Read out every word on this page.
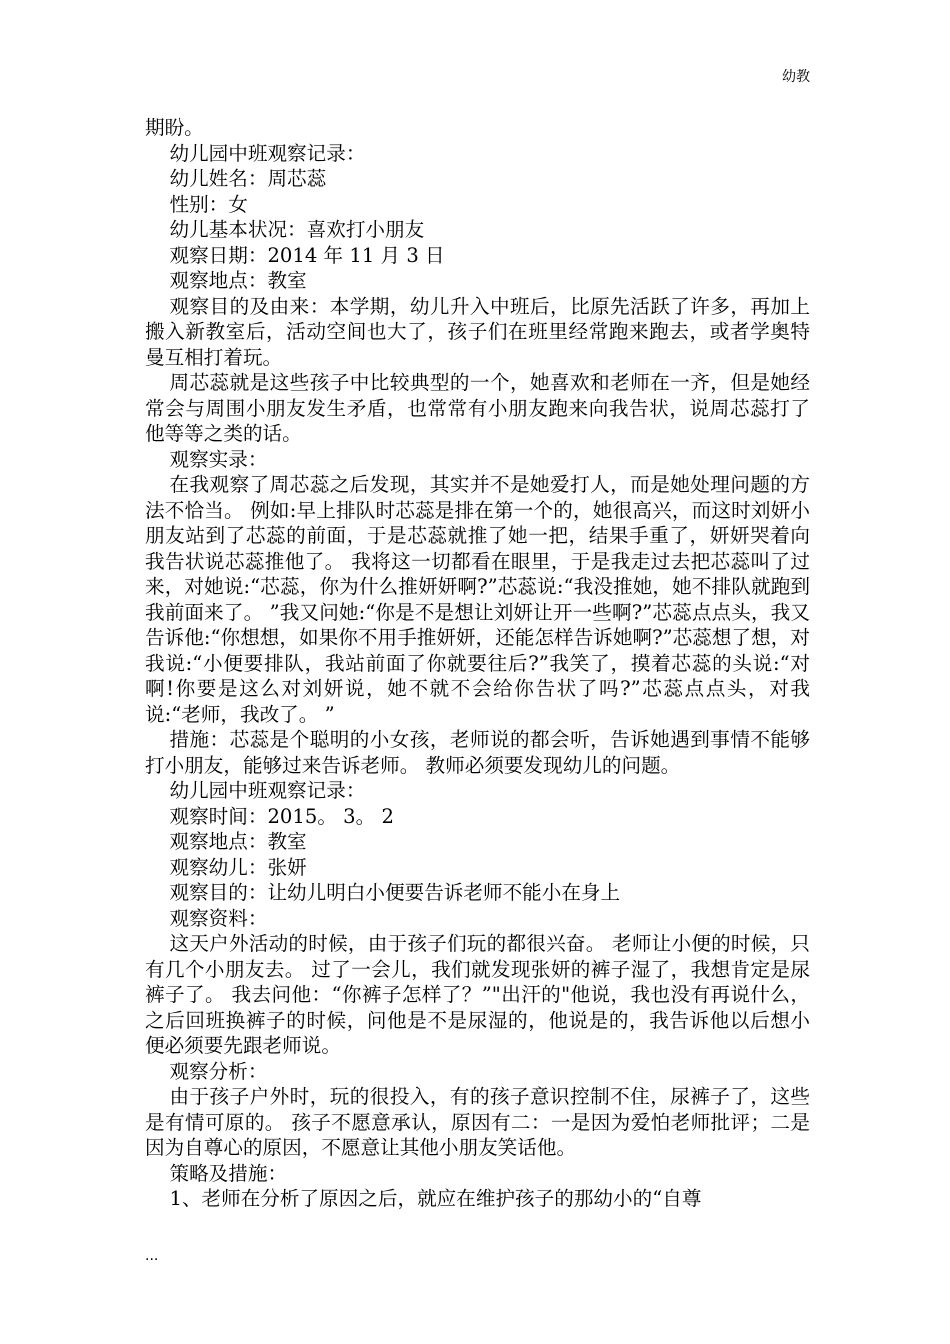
幼教

期盼。

幼儿园中班观察记录：

幼儿姓名：周芯蕊

性别：女

幼儿基本状况：喜欢打小朋友

观察日期：2014 年 11 月 3 日

观察地点：教室

观察目的及由来：本学期，幼儿升入中班后，比原先活跃了许多，再加上搬入新教室后，活动空间也大了，孩子们在班里经常跑来跑去，或者学奥特曼互相打着玩。

周芯蕊就是这些孩子中比较典型的一个，她喜欢和老师在一齐，但是她经常会与周围小朋友发生矛盾，也常常有小朋友跑来向我告状，说周芯蕊打了他等等之类的话。

观察实录：

在我观察了周芯蕊之后发现，其实并不是她爱打人，而是她处理问题的方法不恰当。 例如:早上排队时芯蕊是排在第一个的，她很高兴，而这时刘妍小朋友站到了芯蕊的前面，于是芯蕊就推了她一把，结果手重了，妍妍哭着向我告状说芯蕊推他了。 我将这一切都看在眼里，于是我走过去把芯蕊叫了过来，对她说:“芯蕊，你为什么推妍妍啊?”芯蕊说:“我没推她，她不排队就跑到我前面来了。 ”我又问她:“你是不是想让刘妍让开一些啊?”芯蕊点点头，我又告诉他:“你想想，如果你不用手推妍妍，还能怎样告诉她啊?”芯蕊想了想，对我说:“小便要排队，我站前面了你就要往后?”我笑了，摸着芯蕊的头说:“对啊!你要是这么对刘妍说，她不就不会给你告状了吗?”芯蕊点点头，对我说:“老师，我改了。 ”

措施：芯蕊是个聪明的小女孩，老师说的都会听，告诉她遇到事情不能够打小朋友，能够过来告诉老师。 教师必须要发现幼儿的问题。

幼儿园中班观察记录：

观察时间：2015。 3。 2

观察地点：教室

观察幼儿：张妍

观察目的：让幼儿明白小便要告诉老师不能小在身上

观察资料：

这天户外活动的时候，由于孩子们玩的都很兴奋。 老师让小便的时候，只有几个小朋友去。 过了一会儿，我们就发现张妍的裤子湿了，我想肯定是尿裤子了。 我去问他：“你裤子怎样了？”"出汗的"他说，我也没有再说什么，之后回班换裤子的时候，问他是不是尿湿的，他说是的，我告诉他以后想小便必须要先跟老师说。

观察分析：

由于孩子户外时，玩的很投入，有的孩子意识控制不住，尿裤子了，这些是有情可原的。 孩子不愿意承认，原因有二：一是因为爱怕老师批评；二是因为自尊心的原因，不愿意让其他小朋友笑话他。

策略及措施：

1、老师在分析了原因之后，就应在维护孩子的那幼小的“自尊

...
